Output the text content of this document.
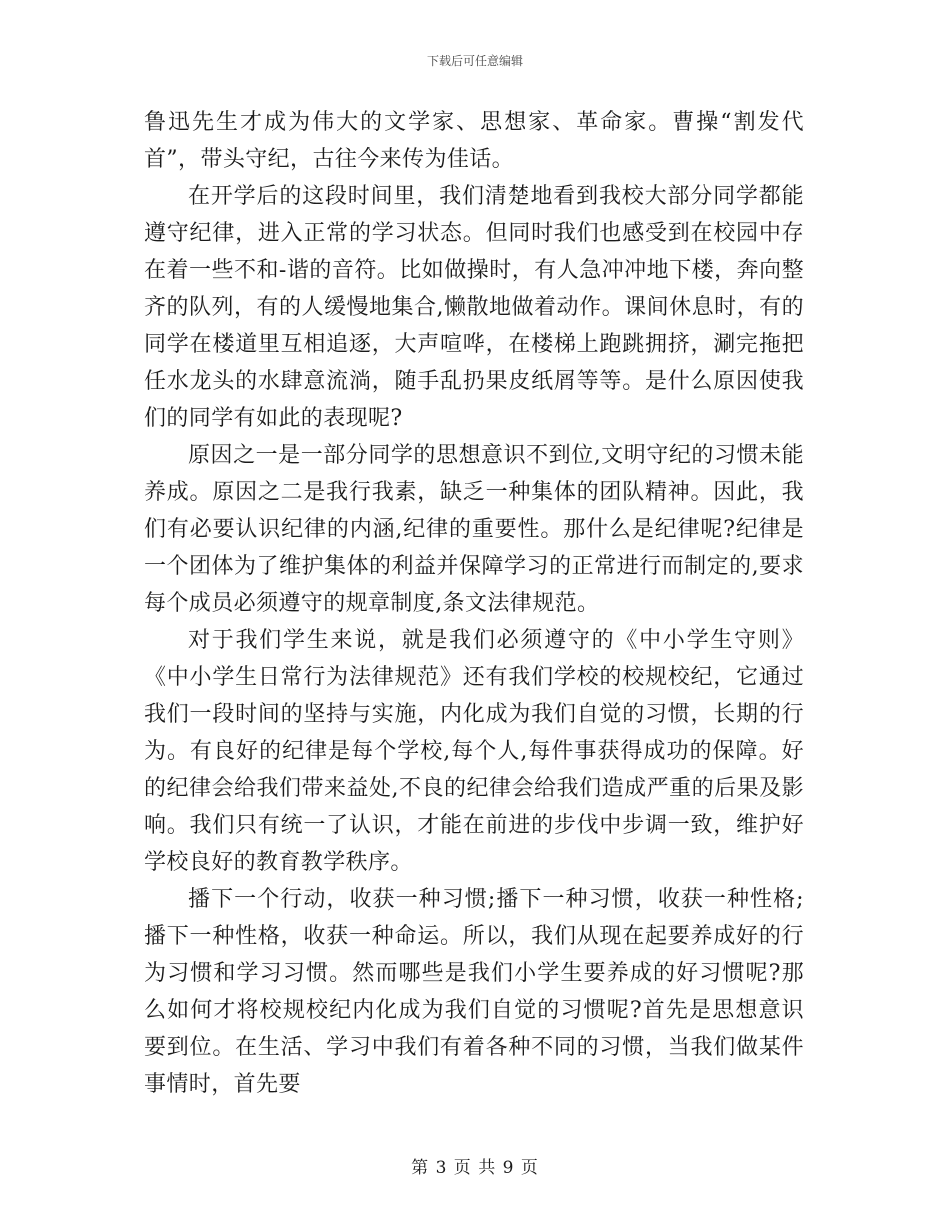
下载后可任意编辑

鲁迅先生才成为伟大的文学家、思想家、革命家。曹操“割发代首”，带头守纪，古往今来传为佳话。

在开学后的这段时间里，我们清楚地看到我校大部分同学都能遵守纪律，进入正常的学习状态。但同时我们也感受到在校园中存在着一些不和-谐的音符。比如做操时，有人急冲冲地下楼，奔向整齐的队列，有的人缓慢地集合,懒散地做着动作。课间休息时，有的同学在楼道里互相追逐，大声喧哗，在楼梯上跑跳拥挤，涮完拖把任水龙头的水肆意流淌，随手乱扔果皮纸屑等等。是什么原因使我们的同学有如此的表现呢?

原因之一是一部分同学的思想意识不到位,文明守纪的习惯未能养成。原因之二是我行我素，缺乏一种集体的团队精神。因此，我们有必要认识纪律的内涵,纪律的重要性。那什么是纪律呢?纪律是一个团体为了维护集体的利益并保障学习的正常进行而制定的,要求每个成员必须遵守的规章制度,条文法律规范。

对于我们学生来说，就是我们必须遵守的《中小学生守则》《中小学生日常行为法律规范》还有我们学校的校规校纪，它通过我们一段时间的坚持与实施，内化成为我们自觉的习惯，长期的行为。有良好的纪律是每个学校,每个人,每件事获得成功的保障。好的纪律会给我们带来益处,不良的纪律会给我们造成严重的后果及影响。我们只有统一了认识，才能在前进的步伐中步调一致，维护好学校良好的教育教学秩序。

播下一个行动，收获一种习惯;播下一种习惯，收获一种性格;播下一种性格，收获一种命运。所以，我们从现在起要养成好的行为习惯和学习习惯。然而哪些是我们小学生要养成的好习惯呢?那么如何才将校规校纪内化成为我们自觉的习惯呢?首先是思想意识要到位。在生活、学习中我们有着各种不同的习惯，当我们做某件事情时，首先要

第 3 页 共 9 页
